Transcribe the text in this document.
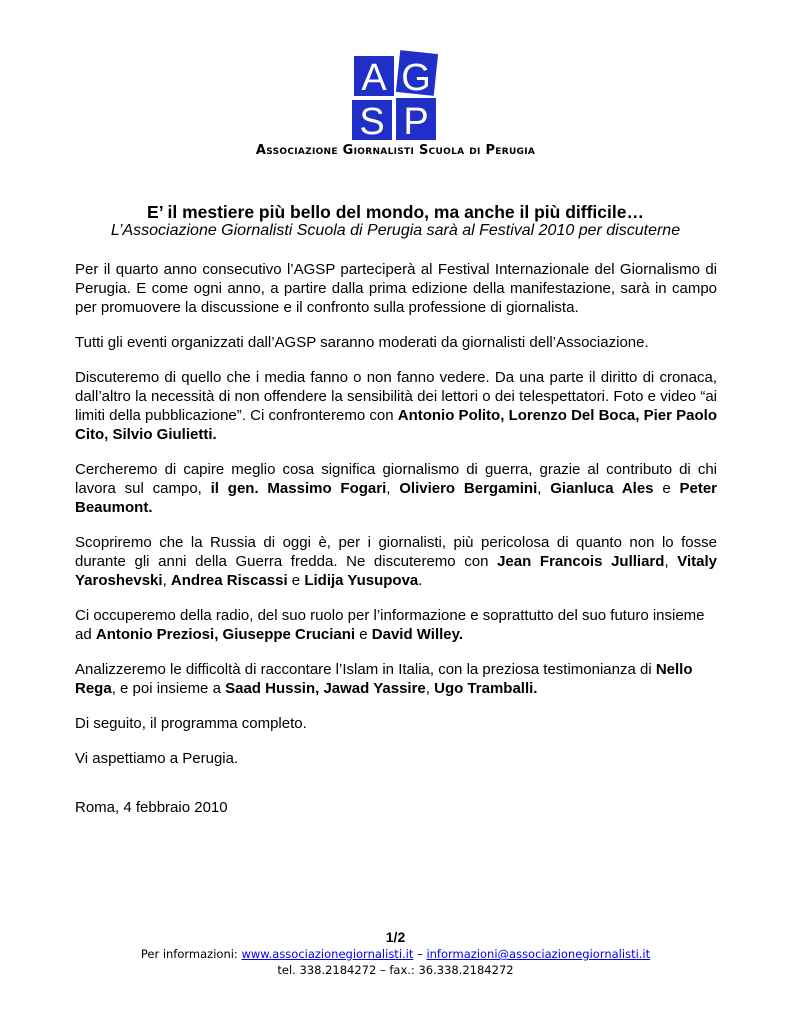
A G
S P
Associazione Giornalisti Scuola di Perugia
E’ il mestiere più bello del mondo, ma anche il più difficile…
L’Associazione Giornalisti Scuola di Perugia sarà al Festival 2010 per discuterne

Per il quarto anno consecutivo l’AGSP parteciperà al Festival Internazionale del Giornalismo di Perugia. E come ogni anno, a partire dalla prima edizione della manifestazione, sarà in campo per promuovere la discussione e il confronto sulla professione di giornalista.

Tutti gli eventi organizzati dall’AGSP saranno moderati da giornalisti dell’Associazione.

Discuteremo di quello che i media fanno o non fanno vedere. Da una parte il diritto di cronaca, dall’altro la necessità di non offendere la sensibilità dei lettori o dei telespettatori. Foto e video “ai limiti della pubblicazione”. Ci confronteremo con Antonio Polito, Lorenzo Del Boca, Pier Paolo Cito, Silvio Giulietti.

Cercheremo di capire meglio cosa significa giornalismo di guerra, grazie al contributo di chi lavora sul campo, il gen. Massimo Fogari, Oliviero Bergamini, Gianluca Ales e Peter Beaumont.

Scopriremo che la Russia di oggi è, per i giornalisti, più pericolosa di quanto non lo fosse durante gli anni della Guerra fredda. Ne discuteremo con Jean Francois Julliard, Vitaly Yaroshevski, Andrea Riscassi e Lidija Yusupova.

Ci occuperemo della radio, del suo ruolo per l’informazione e soprattutto del suo futuro insieme ad Antonio Preziosi, Giuseppe Cruciani e David Willey.

Analizzeremo le difficoltà di raccontare l’Islam in Italia, con la preziosa testimonianza di Nello Rega, e poi insieme a Saad Hussin, Jawad Yassire, Ugo Tramballi.

Di seguito, il programma completo.

Vi aspettiamo a Perugia.

Roma, 4 febbraio 2010

1/2
Per informazioni: www.associazionegiornalisti.it – informazioni@associazionegiornalisti.it
tel. 338.2184272 – fax.: 36.338.2184272
